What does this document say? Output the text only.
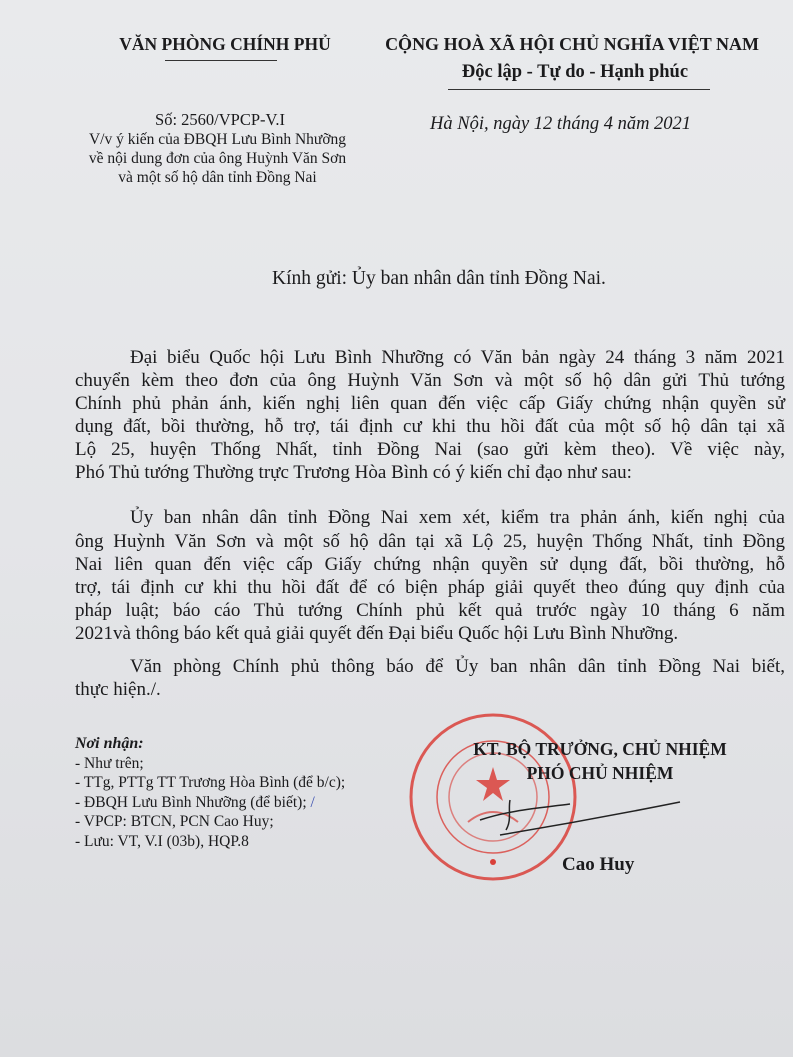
VĂN PHÒNG CHÍNH PHỦ	CỘNG HOÀ XÃ HỘI CHỦ NGHĨA VIỆT NAM
Độc lập - Tự do - Hạnh phúc
Số: 2560/VPCP-V.I
V/v ý kiến của ĐBQH Lưu Bình Nhưỡng
về nội dung đơn của ông Huỳnh Văn Sơn
và một số hộ dân tỉnh Đồng Nai
Hà Nội, ngày 12 tháng 4 năm 2021
Kính gửi: Ủy ban nhân dân tỉnh Đồng Nai.
Đại biểu Quốc hội Lưu Bình Nhưỡng có Văn bản ngày 24 tháng 3 năm 2021
chuyển kèm theo đơn của ông Huỳnh Văn Sơn và một số hộ dân gửi Thủ tướng
Chính phủ phản ánh, kiến nghị liên quan đến việc cấp Giấy chứng nhận quyền sử
dụng đất, bồi thường, hỗ trợ, tái định cư khi thu hồi đất của một số hộ dân tại xã
Lộ 25, huyện Thống Nhất, tỉnh Đồng Nai (sao gửi kèm theo). Về việc này,
Phó Thủ tướng Thường trực Trương Hòa Bình có ý kiến chỉ đạo như sau:
Ủy ban nhân dân tỉnh Đồng Nai xem xét, kiểm tra phản ánh, kiến nghị của
ông Huỳnh Văn Sơn và một số hộ dân tại xã Lộ 25, huyện Thống Nhất, tỉnh Đồng
Nai liên quan đến việc cấp Giấy chứng nhận quyền sử dụng đất, bồi thường, hỗ
trợ, tái định cư khi thu hồi đất để có biện pháp giải quyết theo đúng quy định của
pháp luật; báo cáo Thủ tướng Chính phủ kết quả trước ngày 10 tháng 6 năm
2021và thông báo kết quả giải quyết đến Đại biểu Quốc hội Lưu Bình Nhưỡng.
Văn phòng Chính phủ thông báo để Ủy ban nhân dân tỉnh Đồng Nai biết,
thực hiện./.
Nơi nhận:
- Như trên;
- TTg, PTTg TT Trương Hòa Bình (để b/c);
- ĐBQH Lưu Bình Nhưỡng (để biết); /
- VPCP: BTCN, PCN Cao Huy;
- Lưu: VT, V.I (03b), HQP.8
KT. BỘ TRƯỞNG, CHỦ NHIỆM
PHÓ CHỦ NHIỆM
Cao Huy
